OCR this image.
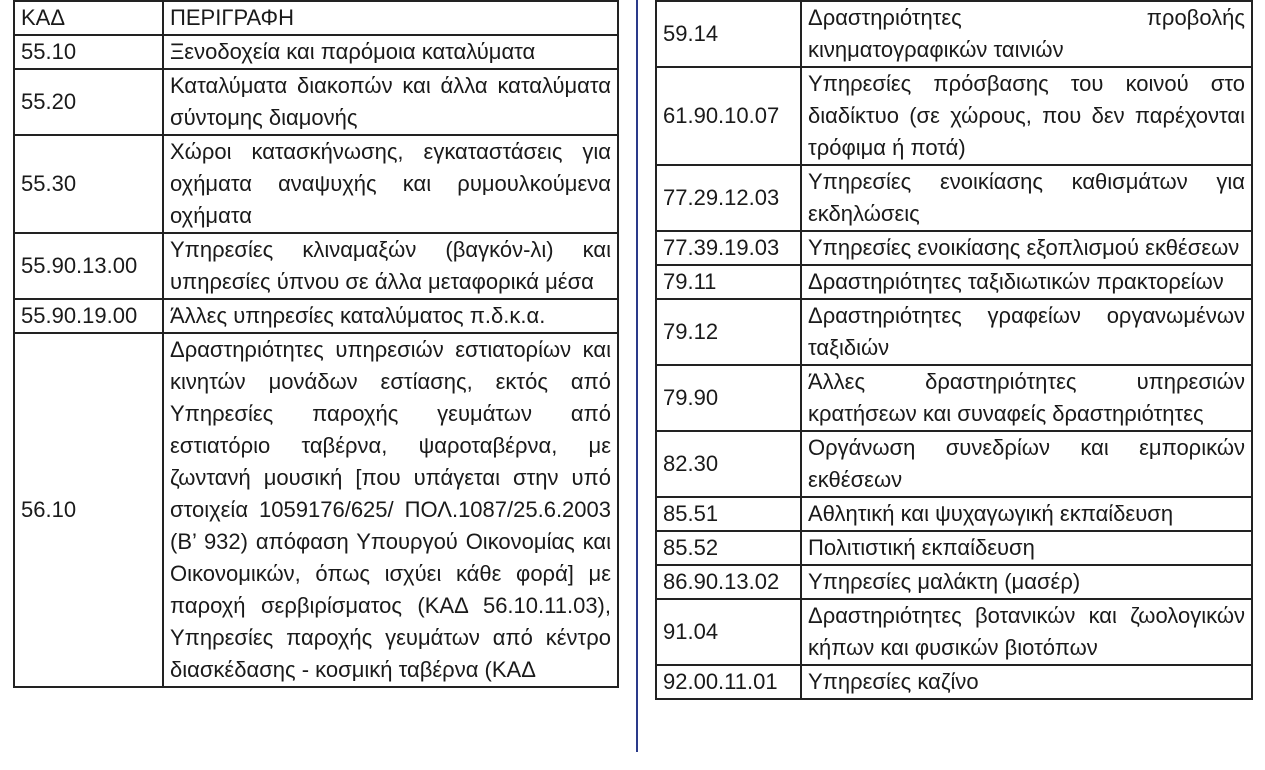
ΚΑΔ	ΠΕΡΙΓΡΑΦΗ
55.10	Ξενοδοχεία και παρόμοια καταλύματα
55.20	Καταλύματα διακοπών και άλλα καταλύματα σύντομης διαμονής
55.30	Χώροι κατασκήνωσης, εγκαταστάσεις για οχήματα αναψυχής και ρυμουλκούμενα οχήματα
55.90.13.00	Υπηρεσίες κλιναμαξών (βαγκόν-λι) και υπηρεσίες ύπνου σε άλλα μεταφορικά μέσα
55.90.19.00	Άλλες υπηρεσίες καταλύματος π.δ.κ.α.
56.10	Δραστηριότητες υπηρεσιών εστιατορίων και κινητών μονάδων εστίασης, εκτός από Υπηρεσίες παροχής γευμάτων από εστιατόριο ταβέρνα, ψαροταβέρνα, με ζωντανή μουσική [που υπάγεται στην υπό στοιχεία 1059176/625/ ΠΟΛ.1087/25.6.2003 (Β’ 932) απόφαση Υπουργού Οικονομίας και Οικονομικών, όπως ισχύει κάθε φορά] με παροχή σερβιρίσματος (ΚΑΔ 56.10.11.03), Υπηρεσίες παροχής γευμάτων από κέντρο διασκέδασης - κοσμική ταβέρνα (ΚΑΔ
59.14	Δραστηριότητες προβολής κινηματογραφικών ταινιών
61.90.10.07	Υπηρεσίες πρόσβασης του κοινού στο διαδίκτυο (σε χώρους, που δεν παρέχονται τρόφιμα ή ποτά)
77.29.12.03	Υπηρεσίες ενοικίασης καθισμάτων για εκδηλώσεις
77.39.19.03	Υπηρεσίες ενοικίασης εξοπλισμού εκθέσεων
79.11	Δραστηριότητες ταξιδιωτικών πρακτορείων
79.12	Δραστηριότητες γραφείων οργανωμένων ταξιδιών
79.90	Άλλες δραστηριότητες υπηρεσιών κρατήσεων και συναφείς δραστηριότητες
82.30	Οργάνωση συνεδρίων και εμπορικών εκθέσεων
85.51	Αθλητική και ψυχαγωγική εκπαίδευση
85.52	Πολιτιστική εκπαίδευση
86.90.13.02	Υπηρεσίες μαλάκτη (μασέρ)
91.04	Δραστηριότητες βοτανικών και ζωολογικών κήπων και φυσικών βιοτόπων
92.00.11.01	Υπηρεσίες καζίνο
